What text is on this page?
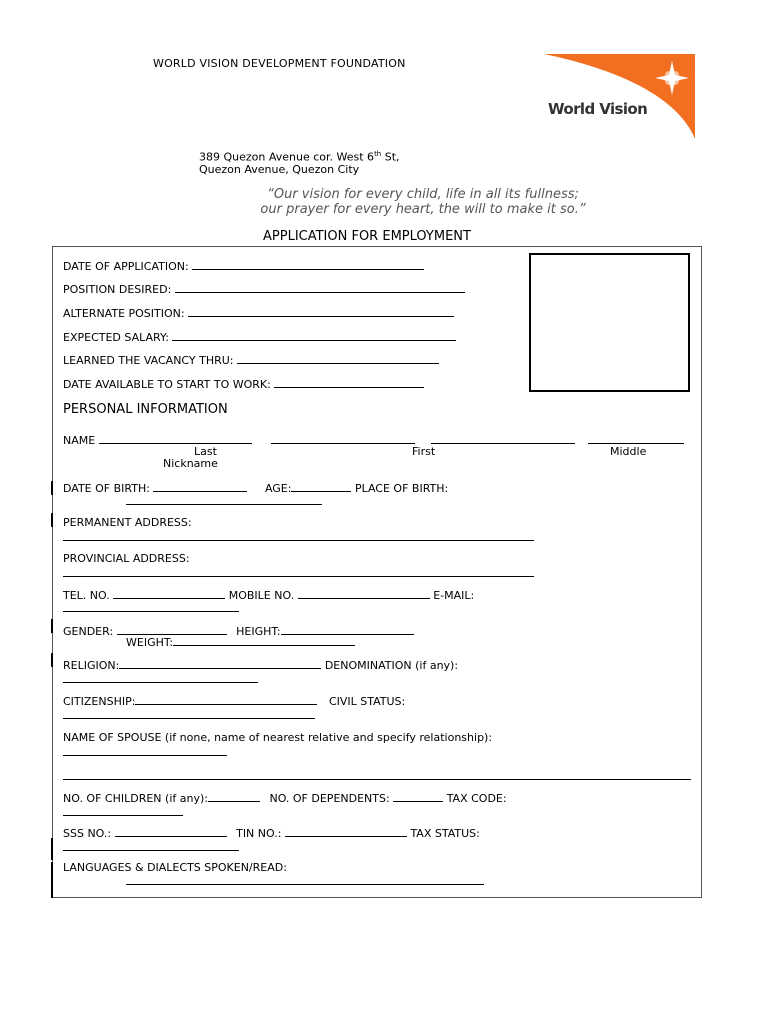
WORLD VISION DEVELOPMENT FOUNDATION
World Vision
389 Quezon Avenue cor. West 6th St,
Quezon Avenue, Quezon City
“Our vision for every child, life in all its fullness;
our prayer for every heart, the will to make it so.”
APPLICATION FOR EMPLOYMENT
DATE OF APPLICATION:
POSITION DESIRED:
ALTERNATE POSITION:
EXPECTED SALARY:
LEARNED THE VACANCY THRU:
DATE AVAILABLE TO START TO WORK:
PERSONAL INFORMATION
NAME
Last	First	Middle
Nickname
DATE OF BIRTH:	AGE:	PLACE OF BIRTH:
PERMANENT ADDRESS:
PROVINCIAL ADDRESS:
TEL. NO.	MOBILE NO.	E-MAIL:
GENDER:	HEIGHT:
WEIGHT:
RELIGION:	DENOMINATION (if any):
CITIZENSHIP:	CIVIL STATUS:
NAME OF SPOUSE (if none, name of nearest relative and specify relationship):
NO. OF CHILDREN (if any):	NO. OF DEPENDENTS:	TAX CODE:
SSS NO.:	TIN NO.:	TAX STATUS:
LANGUAGES & DIALECTS SPOKEN/READ:
